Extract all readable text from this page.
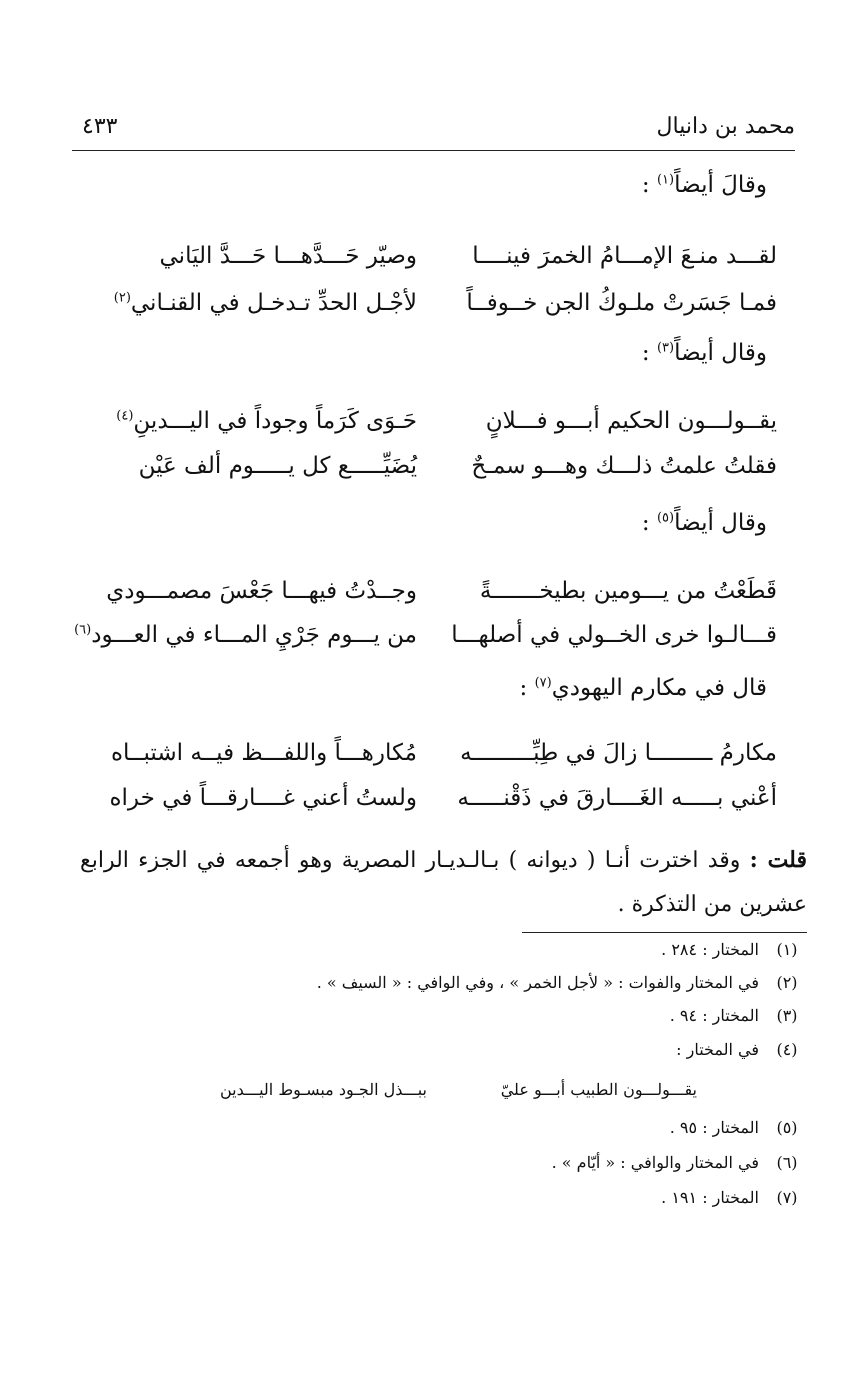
محمد بن دانيال
٤٣٣
وقالَ أيضاً$^{(١)}$ :
لقـــد منـعَ الإمـــامُ الخمرَ فينــــا
وصيّر حَـــدَّهـــا حَـــدَّ اليَاني
فمـا جَسَرتْ ملـوكُ الجن خــوفــاً
لأجْـل الحدِّ تـدخـل في القنـاني$^{(٢)}$
وقال أيضاً$^{(٣)}$ :
يقــولـــون الحكيم أبـــو فـــلانٍ
حَـوَى كَرَماً وجوداً في اليـــدينِ$^{(٤)}$
فقلتُ علمتُ ذلـــك وهـــو سمـحٌ
يُضَيِّـــــع كل يـــــوم ألف عَيْن
وقال أيضاً$^{(٥)}$ :
قَطَعْتُ من يـــومين بطيخـــــــةً
وجــدْتُ فيهـــا جَعْسَ مصمـــودي
قـــالـوا خرى الخــولي في أصلهـــا
من يـــوم جَرْيِ المـــاء في العـــود$^{(٦)}$
قال في مكارم اليهودي$^{(٧)}$ :
مكارمُ ـــــــــا زالَ في طِبِّـــــــــه
مُكارهـــاً واللفـــظ فيــه اشتبــاه
أعْني بـــــه الغَــــارقَ في ذَقْنـــــه
ولستُ أعني غــــارقـــاً في خراه
قلت : وقد اخترت أنـا ( ديوانه ) بـالـديـار المصرية وهو أجمعه في الجزء الرابع عشرين من التذكرة .
(١)
المختار : ٢٨٤ .
(٢)
في المختار والفوات : « لأجل الخمر » ، وفي الوافي : « السيف » .
(٣)
المختار : ٩٤ .
(٤)
في المختار :
يقـــولـــون الطبيب أبـــو عليّ
ببـــذل الجـود مبسـوط اليـــدين
(٥)
المختار : ٩٥ .
(٦)
في المختار والوافي : « أيّام » .
(٧)
المختار : ١٩١ .
